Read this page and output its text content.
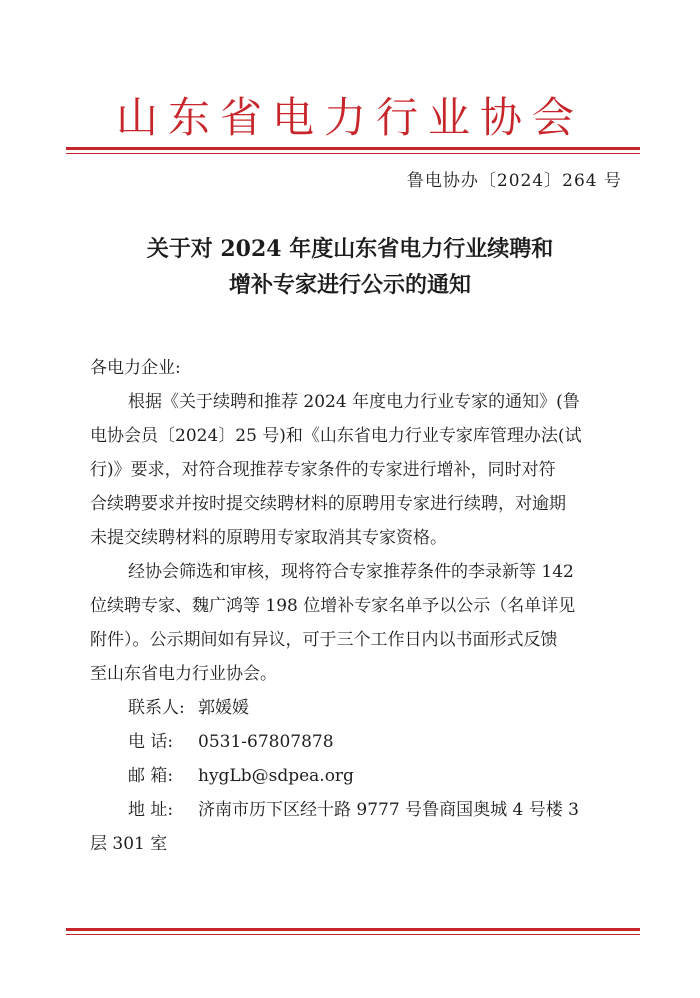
山东省电力行业协会
鲁电协办〔2024〕264 号
关于对 2024 年度山东省电力行业续聘和
增补专家进行公示的通知
各电力企业:
根据《关于续聘和推荐 2024 年度电力行业专家的通知》(鲁
电协会员〔2024〕25 号)和《山东省电力行业专家库管理办法(试
行)》要求，对符合现推荐专家条件的专家进行增补，同时对符
合续聘要求并按时提交续聘材料的原聘用专家进行续聘，对逾期
未提交续聘材料的原聘用专家取消其专家资格。
经协会筛选和审核，现将符合专家推荐条件的李录新等 142
位续聘专家、魏广鸿等 198 位增补专家名单予以公示（名单详见
附件）。公示期间如有异议，可于三个工作日内以书面形式反馈
至山东省电力行业协会。
联系人: 郭媛媛
电 话: 0531-67807878
邮 箱: hygLb@sdpea.org
地 址: 济南市历下区经十路 9777 号鲁商国奥城 4 号楼 3
层 301 室
